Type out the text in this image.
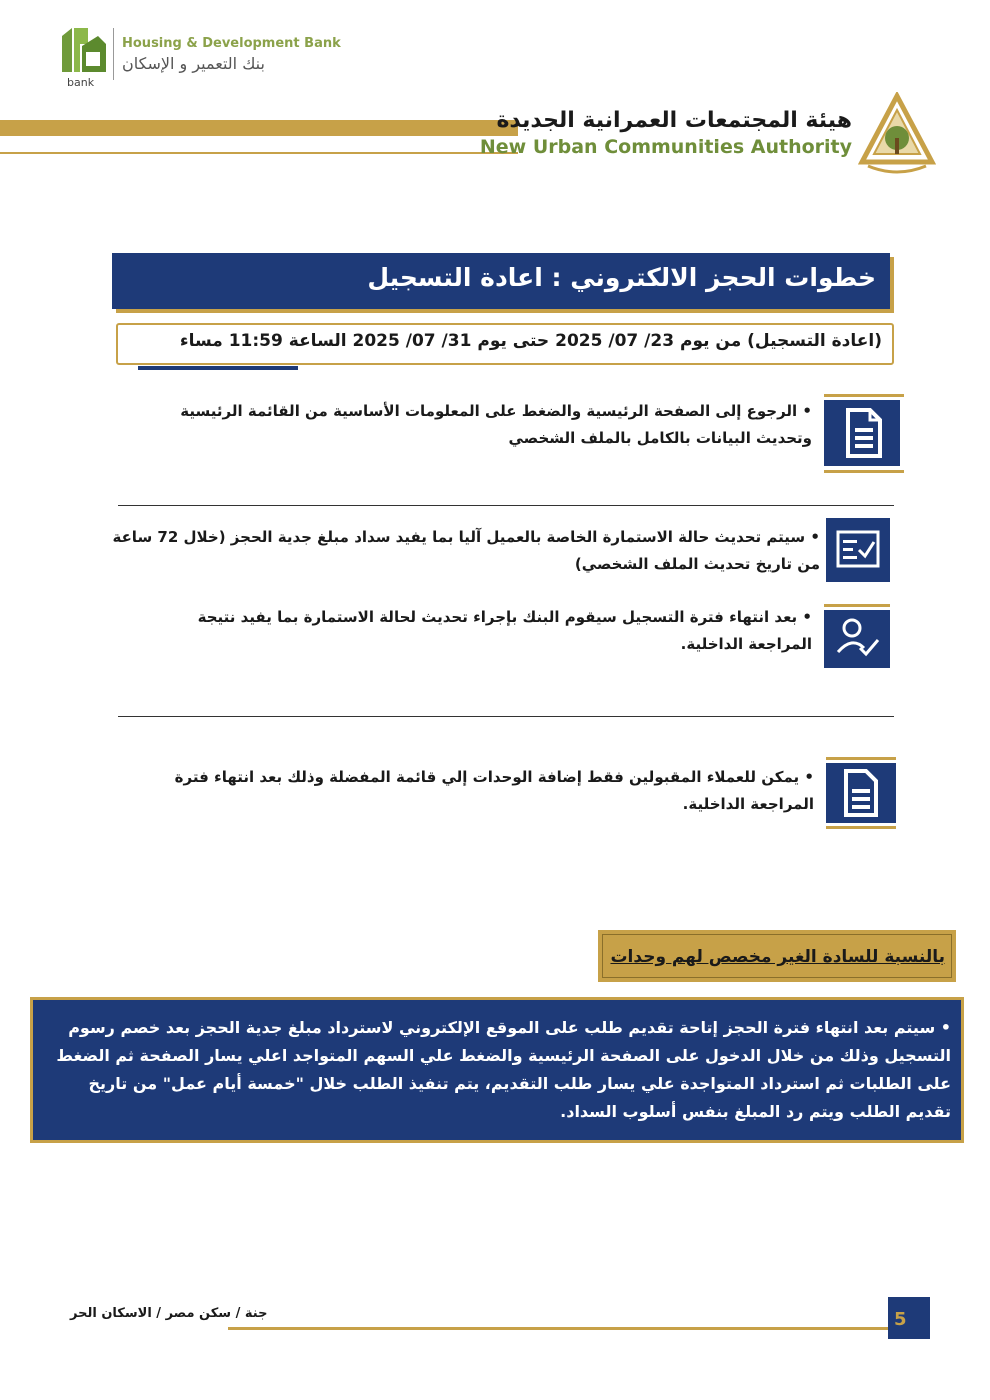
bank
Housing & Development Bank
بنك التعمير و الإسكان
هيئة المجتمعات العمرانية الجديدة
New Urban Communities Authority
خطوات الحجز الالكتروني : اعادة التسجيل
(اعادة التسجيل) من يوم 23/ 07/ 2025 حتى يوم 31/ 07/ 2025 الساعة 11:59 مساء
• الرجوع إلى الصفحة الرئيسية والضغط على المعلومات الأساسية من القائمة الرئيسية وتحديث البيانات بالكامل بالملف الشخصي
• سيتم تحديث حالة الاستمارة الخاصة بالعميل آليا بما يفيد سداد مبلغ جدية الحجز (خلال 72 ساعة من تاريخ تحديث الملف الشخصي)
• بعد انتهاء فترة التسجيل سيقوم البنك بإجراء تحديث لحالة الاستمارة بما يفيد نتيجة المراجعة الداخلية.
• يمكن للعملاء المقبولين فقط إضافة الوحدات إلي قائمة المفضلة وذلك بعد انتهاء فترة المراجعة الداخلية.
بالنسبة للسادة الغير مخصص لهم وحدات
• سيتم بعد انتهاء فترة الحجز إتاحة تقديم طلب على الموقع الإلكتروني لاسترداد مبلغ جدية الحجز بعد خصم رسوم التسجيل وذلك من خلال الدخول على الصفحة الرئيسية والضغط علي السهم المتواجد اعلي يسار الصفحة ثم الضغط على الطلبات ثم استرداد المتواجدة علي يسار طلب التقديم، يتم تنفيذ الطلب خلال "خمسة أيام عمل" من تاريخ تقديم الطلب ويتم رد المبلغ بنفس أسلوب السداد.
جنة / سكن مصر / الاسكان الحر	5
